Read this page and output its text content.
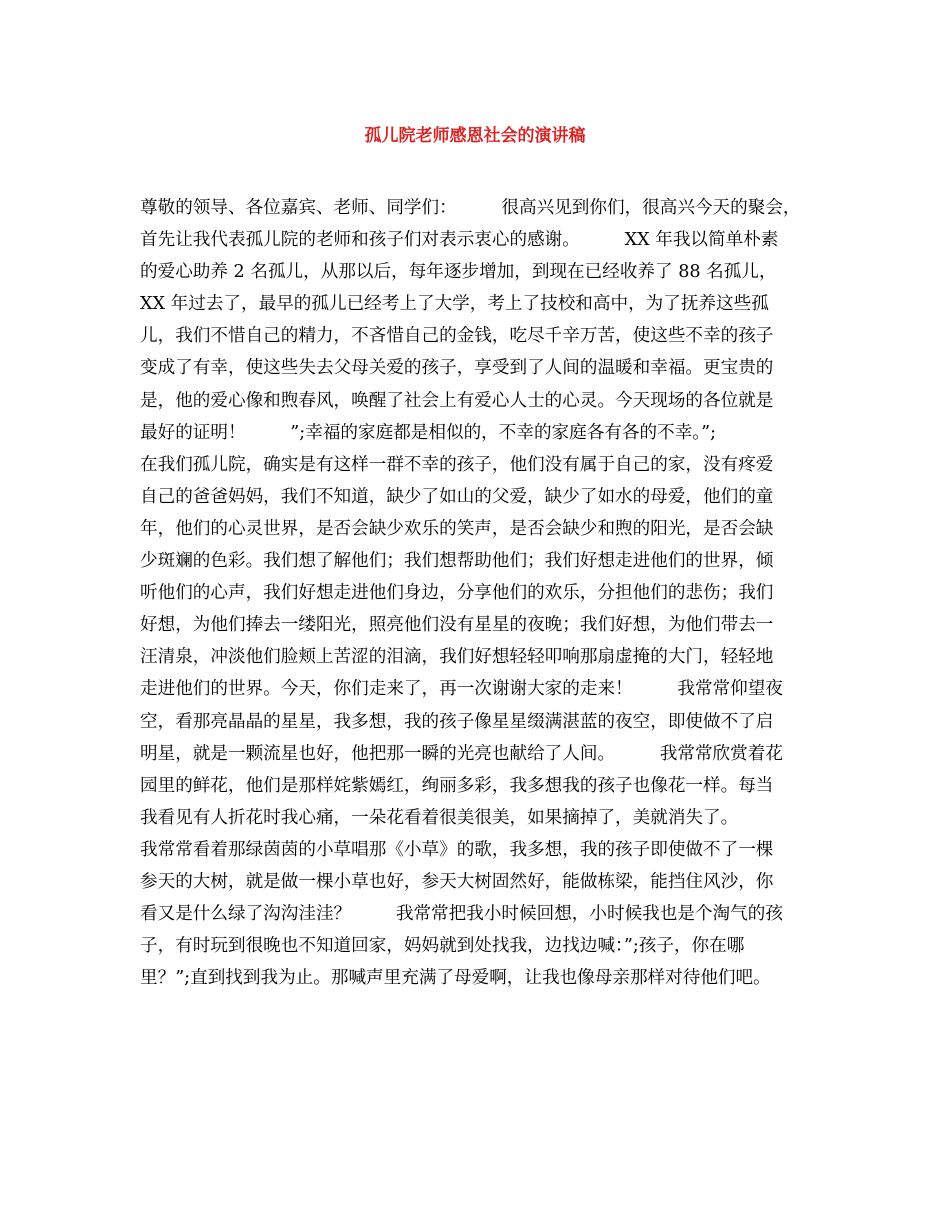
孤儿院老师感恩社会的演讲稿
尊敬的领导、各位嘉宾、老师、同学们：        很高兴见到你们，很高兴今天的聚会，
首先让我代表孤儿院的老师和孩子们对表示衷心的感谢。        XX 年我以简单朴素
的爱心助养 2 名孤儿，从那以后，每年逐步增加，到现在已经收养了 88 名孤儿，
XX 年过去了，最早的孤儿已经考上了大学，考上了技校和高中，为了抚养这些孤
儿，我们不惜自己的精力，不吝惜自己的金钱，吃尽千辛万苦，使这些不幸的孩子
变成了有幸，使这些失去父母关爱的孩子，享受到了人间的温暖和幸福。更宝贵的
是，他的爱心像和煦春风，唤醒了社会上有爱心人士的心灵。今天现场的各位就是
最好的证明！        ”;幸福的家庭都是相似的，不幸的家庭各有各的不幸。”;
在我们孤儿院，确实是有这样一群不幸的孩子，他们没有属于自己的家，没有疼爱
自己的爸爸妈妈，我们不知道，缺少了如山的父爱，缺少了如水的母爱，他们的童
年，他们的心灵世界，是否会缺少欢乐的笑声，是否会缺少和煦的阳光，是否会缺
少斑斓的色彩。我们想了解他们；我们想帮助他们；我们好想走进他们的世界，倾
听他们的心声，我们好想走进他们身边，分享他们的欢乐，分担他们的悲伤；我们
好想，为他们捧去一缕阳光，照亮他们没有星星的夜晚；我们好想，为他们带去一
汪清泉，冲淡他们脸颊上苦涩的泪滴，我们好想轻轻叩响那扇虚掩的大门，轻轻地
走进他们的世界。今天，你们走来了，再一次谢谢大家的走来！        我常常仰望夜
空，看那亮晶晶的星星，我多想，我的孩子像星星缀满湛蓝的夜空，即使做不了启
明星，就是一颗流星也好，他把那一瞬的光亮也献给了人间。        我常常欣赏着花
园里的鲜花，他们是那样姹紫嫣红，绚丽多彩，我多想我的孩子也像花一样。每当
我看见有人折花时我心痛，一朵花看着很美很美，如果摘掉了，美就消失了。
我常常看着那绿茵茵的小草唱那《小草》的歌，我多想，我的孩子即使做不了一棵
参天的大树，就是做一棵小草也好，参天大树固然好，能做栋梁，能挡住风沙，你
看又是什么绿了沟沟洼洼？        我常常把我小时候回想，小时候我也是个淘气的孩
子，有时玩到很晚也不知道回家，妈妈就到处找我，边找边喊：”;孩子，你在哪
里？”;直到找到我为止。那喊声里充满了母爱啊，让我也像母亲那样对待他们吧。
